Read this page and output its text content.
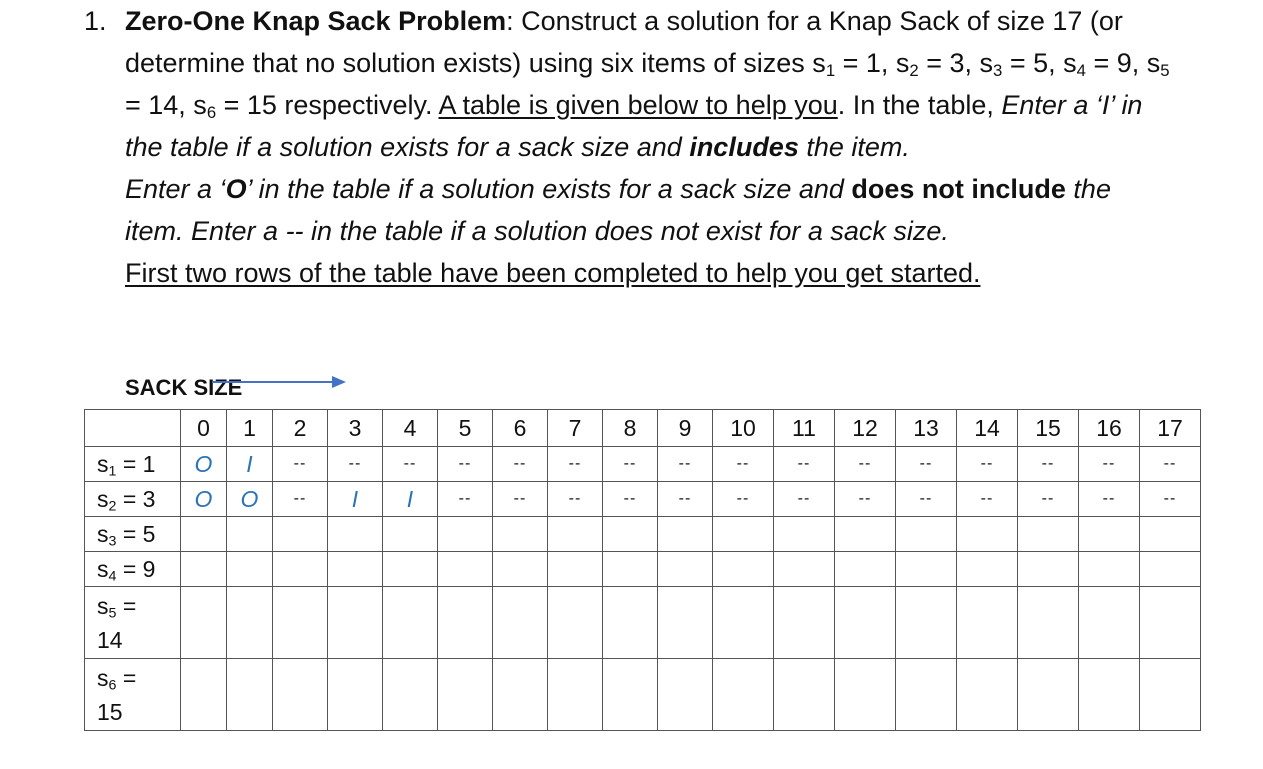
1. Zero-One Knap Sack Problem: Construct a solution for a Knap Sack of size 17 (or determine that no solution exists) using six items of sizes $s_1 = 1$, $s_2 = 3$, $s_3 = 5$, $s_4 = 9$, $s_5 = 14$, $s_6 = 15$ respectively. A table is given below to help you. In the table, Enter a ‘I’ in the table if a solution exists for a sack size and includes the item.

Enter a ‘O’ in the table if a solution exists for a sack size and does not include the item. Enter a -- in the table if a solution does not exist for a sack size.

First two rows of the table have been completed to help you get started.

SACK SIZE
	0	1	2	3	4	5	6	7	8	9	10	11	12	13	14	15	16	17
$s_1 = 1$	O	I	--	--	--	--	--	--	--	--	--	--	--	--	--	--	--	--
$s_2 = 3$	O	O	--	I	I	--	--	--	--	--	--	--	--	--	--	--	--	--
$s_3 = 5$																		
$s_4 = 9$																		
$s_5$ =
14																		
$s_6$ =
15																		
